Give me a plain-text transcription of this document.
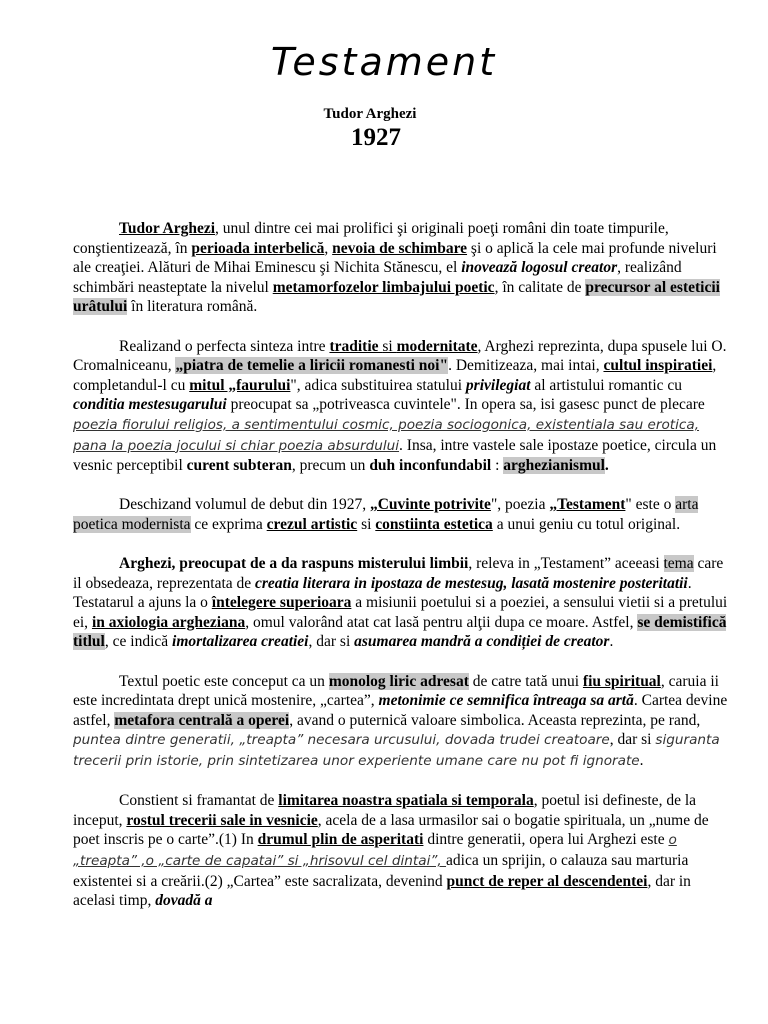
Testament
Tudor Arghezi
1927

Tudor Arghezi, unul dintre cei mai prolifici şi originali poeţi români din toate timpurile, conştientizează, în perioada interbelică, nevoia de schimbare şi o aplică la cele mai profunde niveluri ale creaţiei. Alături de Mihai Eminescu şi Nichita Stănescu, el inovează logosul creator, realizând schimbări neasteptate la nivelul metamorfozelor limbajului poetic, în calitate de precursor al esteticii urâtului în literatura română.

Realizand o perfecta sinteza intre traditie si modernitate, Arghezi reprezinta, dupa spusele lui O. Cromalniceanu, „piatra de temelie a liricii romanesti noi". Demitizeaza, mai intai, cultul inspiratiei, completandul-l cu mitul „faurului", adica substituirea statului privilegiat al artistului romantic cu conditia mestesugarului preocupat sa „potriveasca cuvintele". In opera sa, isi gasesc punct de plecare poezia fiorului religios, a sentimentului cosmic, poezia sociogonica, existentiala sau erotica, pana la poezia jocului si chiar poezia absurdului. Insa, intre vastele sale ipostaze poetice, circula un vesnic perceptibil curent subteran, precum un duh inconfundabil : arghezianismul.

Deschizand volumul de debut din 1927, „Cuvinte potrivite", poezia „Testament" este o arta poetica modernista ce exprima crezul artistic si constiinta estetica a unui geniu cu totul original.

Arghezi, preocupat de a da raspuns misterului limbii, releva in „Testament” aceeasi tema care il obsedeaza, reprezentata de creatia literara in ipostaza de mestesug, lasată mostenire posteritatii. Testatarul a ajuns la o întelegere superioara a misiunii poetului si a poeziei, a sensului vietii si a pretului ei, in axiologia argheziana, omul valorând atat cat lasă pentru alţii dupa ce moare. Astfel, se demistifică titlul, ce indică imortalizarea creatiei, dar si asumarea mandră a condiției de creator.

Textul poetic este conceput ca un monolog liric adresat de catre tată unui fiu spiritual, caruia ii este incredintata drept unică mostenire, „cartea”, metonimie ce semnifica întreaga sa artă. Cartea devine astfel, metafora centrală a operei, avand o puternică valoare simbolica. Aceasta reprezinta, pe rand, puntea dintre generatii, „treapta” necesara urcusului, dovada trudei creatoare, dar si siguranta trecerii prin istorie, prin sintetizarea unor experiente umane care nu pot fi ignorate.

Constient si framantat de limitarea noastra spatiala si temporala, poetul isi defineste, de la inceput, rostul trecerii sale in vesnicie, acela de a lasa urmasilor sai o bogatie spirituala, un „nume de poet inscris pe o carte”.(1) In drumul plin de asperitati dintre generatii, opera lui Arghezi este o „treapta” ,o „carte de capatai” si „hrisovul cel dintai”, adica un sprijin, o calauza sau marturia existentei si a creării.(2) „Cartea” este sacralizata, devenind punct de reper al descendentei, dar in acelasi timp, dovadă a
